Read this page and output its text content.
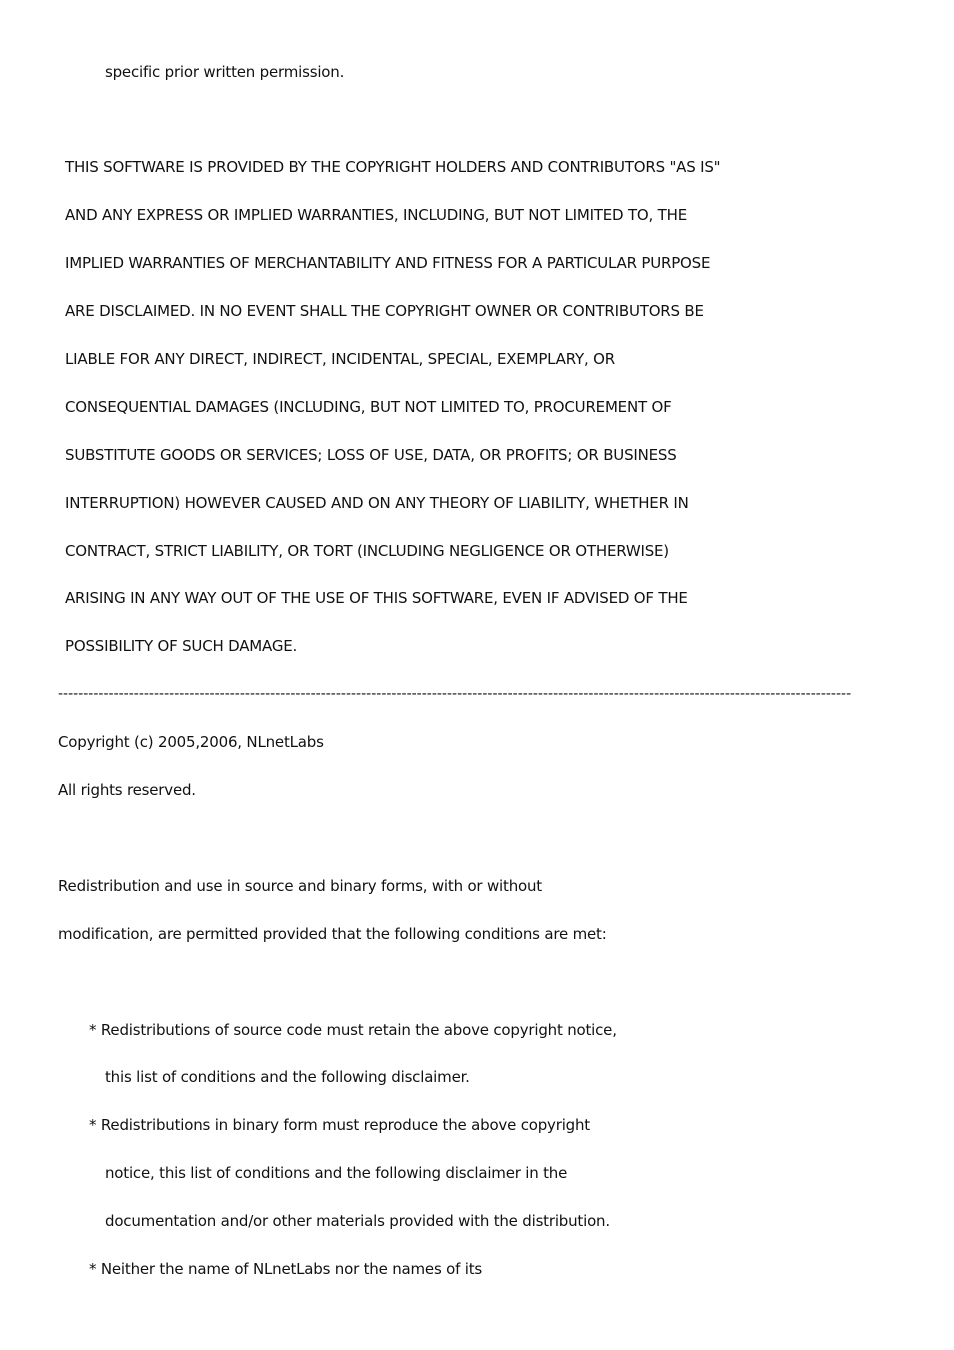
specific prior written permission.
THIS SOFTWARE IS PROVIDED BY THE COPYRIGHT HOLDERS AND CONTRIBUTORS "AS IS"
AND ANY EXPRESS OR IMPLIED WARRANTIES, INCLUDING, BUT NOT LIMITED TO, THE
IMPLIED WARRANTIES OF MERCHANTABILITY AND FITNESS FOR A PARTICULAR PURPOSE
ARE DISCLAIMED. IN NO EVENT SHALL THE COPYRIGHT OWNER OR CONTRIBUTORS BE
LIABLE FOR ANY DIRECT, INDIRECT, INCIDENTAL, SPECIAL, EXEMPLARY, OR
CONSEQUENTIAL DAMAGES (INCLUDING, BUT NOT LIMITED TO, PROCUREMENT OF
SUBSTITUTE GOODS OR SERVICES; LOSS OF USE, DATA, OR PROFITS; OR BUSINESS
INTERRUPTION) HOWEVER CAUSED AND ON ANY THEORY OF LIABILITY, WHETHER IN
CONTRACT, STRICT LIABILITY, OR TORT (INCLUDING NEGLIGENCE OR OTHERWISE)
ARISING IN ANY WAY OUT OF THE USE OF THIS SOFTWARE, EVEN IF ADVISED OF THE
POSSIBILITY OF SUCH DAMAGE.
-------------------------------------------------------------------------------------------------------------------------------------------------------------
Copyright (c) 2005,2006, NLnetLabs
All rights reserved.
Redistribution and use in source and binary forms, with or without
modification, are permitted provided that the following conditions are met:
* Redistributions of source code must retain the above copyright notice,
this list of conditions and the following disclaimer.
* Redistributions in binary form must reproduce the above copyright
notice, this list of conditions and the following disclaimer in the
documentation and/or other materials provided with the distribution.
* Neither the name of NLnetLabs nor the names of its
